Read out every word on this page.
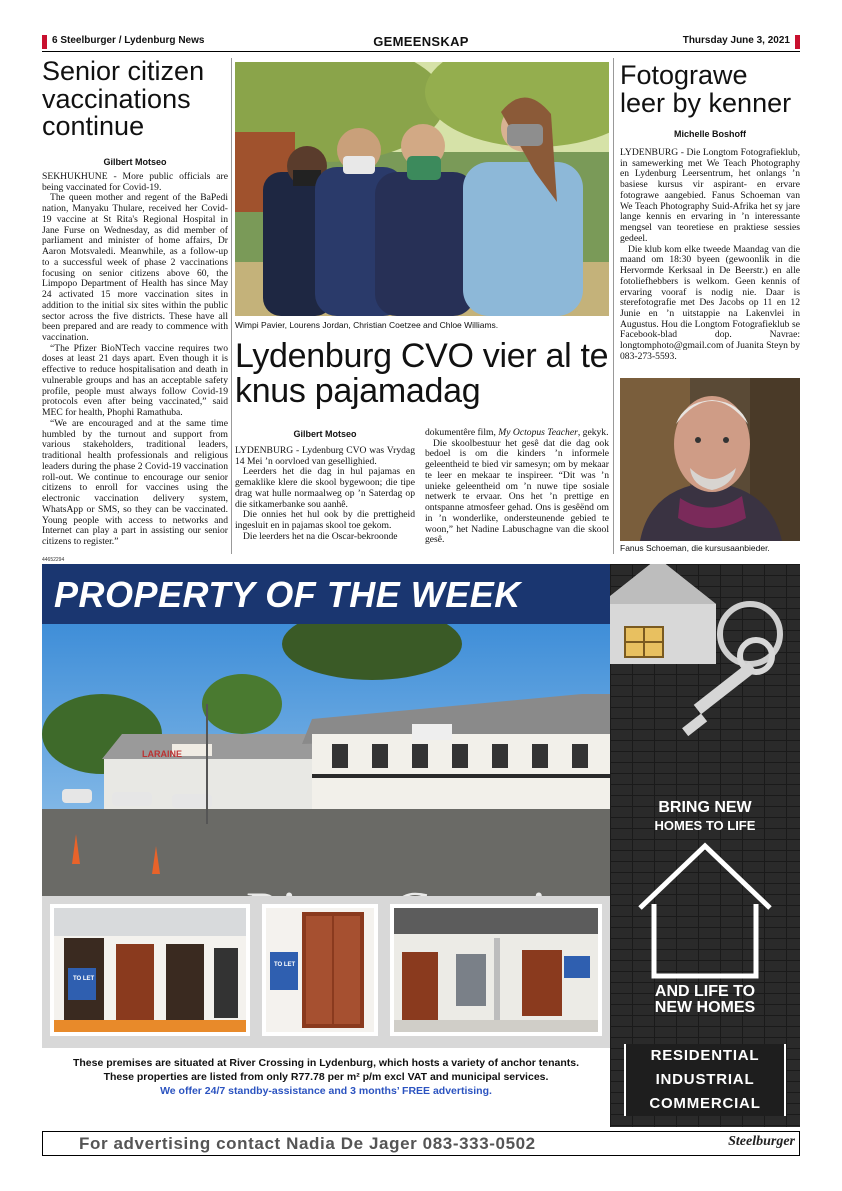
6 Steelburger / Lydenburg News	GEMEENSKAP	Thursday June 3, 2021
Senior citizen vaccinations continue
Gilbert Motseo

SEKHUKHUNE - More public officials are being vaccinated for Covid-19.

The queen mother and regent of the BaPedi nation, Manyaku Thulare, received her Covid-19 vaccine at St Rita's Regional Hospital in Jane Furse on Wednesday, as did member of parliament and minister of home affairs, Dr Aaron Motsvaledi. Meanwhile, as a follow-up to a successful week of phase 2 vaccinations focusing on senior citizens above 60, the Limpopo Department of Health has since May 24 activated 15 more vaccination sites in addition to the initial six sites within the public sector across the five districts. These have all been prepared and are ready to commence with vaccination.

“The Pfizer BioNTech vaccine requires two doses at least 21 days apart. Even though it is effective to reduce hospitalisation and death in vulnerable groups and has an acceptable safety profile, people must always follow Covid-19 protocols even after being vaccinated,” said MEC for health, Phophi Ramathuba.

“We are encouraged and at the same time humbled by the turnout and support from various stakeholders, traditional leaders, traditional health professionals and religious leaders during the phase 2 Covid-19 vaccination roll-out. We continue to encourage our senior citizens to enroll for vaccines using the electronic vaccination delivery system, WhatsApp or SMS, so they can be vaccinated. Young people with access to networks and Internet can play a part in assisting our senior citizens to register.”

Wimpi Pavier, Lourens Jordan, Christian Coetzee and Chloe Williams.
Lydenburg CVO vier al te knus pajamadag
Gilbert Motseo

LYDENBURG - Lydenburg CVO was Vrydag 14 Mei ’n oorvloed van gesellighied.

Leerders het die dag in hul pajamas en gemaklike klere die skool bygewoon; die tipe drag wat hulle normaalweg op ’n Saterdag op die sitkamerbanke sou aanhê.

Die onnies het hul ook by die prettigheid ingesluit en in pajamas skool toe gekom.

Die leerders het na die Oscar-bekroonde

dokumentêre film, My Octopus Teacher, gekyk.

Die skoolbestuur het gesê dat die dag ook bedoel is om die kinders ’n informele geleentheid te bied vir samesyn; om by mekaar te leer en mekaar te inspireer. “Dit was ’n unieke geleentheid om ’n nuwe tipe sosiale netwerk te ervaar. Ons het ’n prettige en ontspanne atmosfeer gehad. Ons is gesêënd om in ’n wonderlike, ondersteunende gebied te woon,” het Nadine Labuschagne van die skool gesê.

Fotograwe leer by kenner
Michelle Boshoff

LYDENBURG - Die Longtom Fotografieklub, in samewerking met We Teach Photography en Lydenburg Leersentrum, het onlangs ’n basiese kursus vir aspirant- en ervare fotograwe aangebied. Fanus Schoeman van We Teach Photography Suid-Afrika het sy jare lange kennis en ervaring in ’n interessante mengsel van teoretiese en praktiese sessies gedeel.

Die klub kom elke tweede Maandag van die maand om 18:30 byeen (gewoonlik in die Hervormde Kerksaal in De Beerstr.) en alle fotoliefhebbers is welkom. Geen kennis of ervaring vooraf is nodig nie. Daar is sterefotografie met Des Jacobs op 11 en 12 Junie en ’n uitstappie na Lakenvlei in Augustus. Hou die Longtom Fotografieklub se Facebook-blad dop. Navrae: longtomphoto@gmail.com of Juanita Steyn by 083-273-5593.

Fanus Schoeman, die kursusaanbieder.
44652294
PROPERTY OF THE WEEK
LARAINE
TO LET
TO LET
These premises are situated at River Crossing in Lydenburg, which hosts a variety of anchor tenants.
These properties are listed from only R77.78 per m² p/m excl VAT and municipal services.
We offer 24/7 standby-assistance and 3 months’ FREE advertising.
BRING NEW
HOMES TO LIFE
AND LIFE TO
NEW HOMES
RESIDENTIAL
INDUSTRIAL
COMMERCIAL
For advertising contact Nadia De Jager 083-333-0502	Steelburger
